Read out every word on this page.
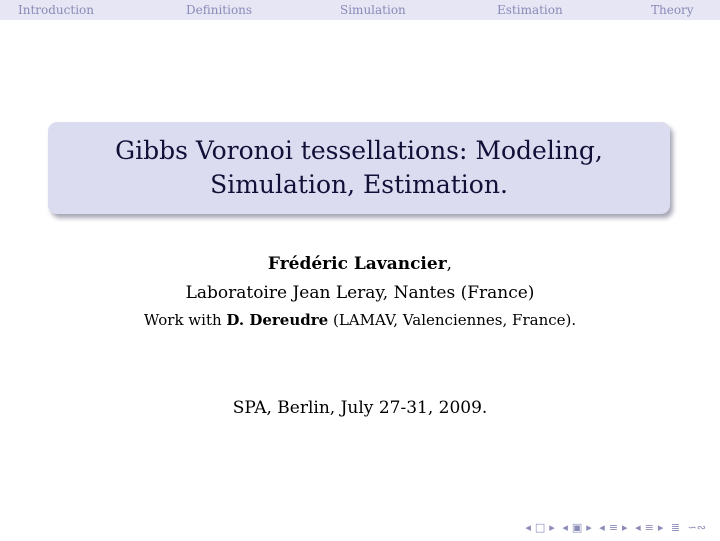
Introduction	Definitions	Simulation	Estimation	Theory
Gibbs Voronoi tessellations: Modeling,
Simulation, Estimation.
Frédéric Lavancier,
Laboratoire Jean Leray, Nantes (France)
Work with D. Dereudre (LAMAV, Valenciennes, France).
SPA, Berlin, July 27-31, 2009.
◂ □ ▸ ◂ ▣ ▸ ◂ ≡ ▸ ◂ ≡ ▸ ≣ ∽∾
